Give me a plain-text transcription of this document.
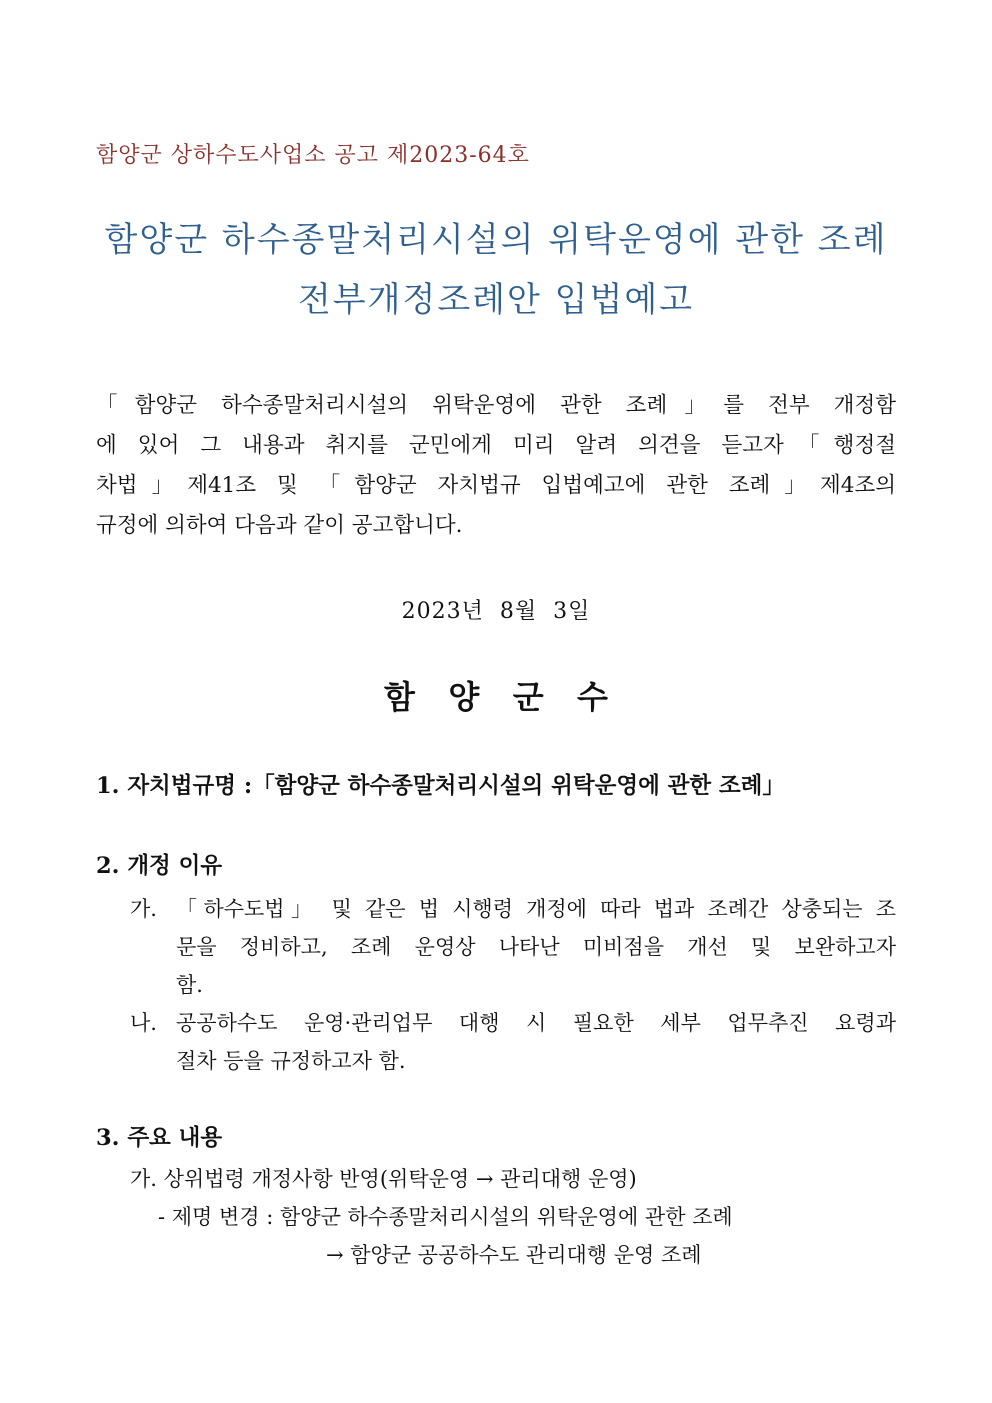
함양군 상하수도사업소 공고 제2023-64호
함양군 하수종말처리시설의 위탁운영에 관한 조례
전부개정조례안 입법예고
「함양군 하수종말처리시설의 위탁운영에 관한 조례」를 전부 개정함
에 있어 그 내용과 취지를 군민에게 미리 알려 의견을 듣고자「행정절
차법」제41조 및 「함양군 자치법규 입법예고에 관한 조례」제4조의
규정에 의하여 다음과 같이 공고합니다.
2023년  8월  3일
함   양   군   수
1. 자치법규명 :「함양군 하수종말처리시설의 위탁운영에 관한 조례」
2. 개정 이유
가. 「하수도법」 및 같은 법 시행령 개정에 따라 법과 조례간 상충되는 조
문을 정비하고, 조례 운영상 나타난 미비점을 개선 및 보완하고자
함.
나. 공공하수도 운영·관리업무 대행 시 필요한 세부 업무추진 요령과
절차 등을 규정하고자 함.
3. 주요 내용
가. 상위법령 개정사항 반영(위탁운영 → 관리대행 운영)
- 제명 변경 : 함양군 하수종말처리시설의 위탁운영에 관한 조례
→ 함양군 공공하수도 관리대행 운영 조례
